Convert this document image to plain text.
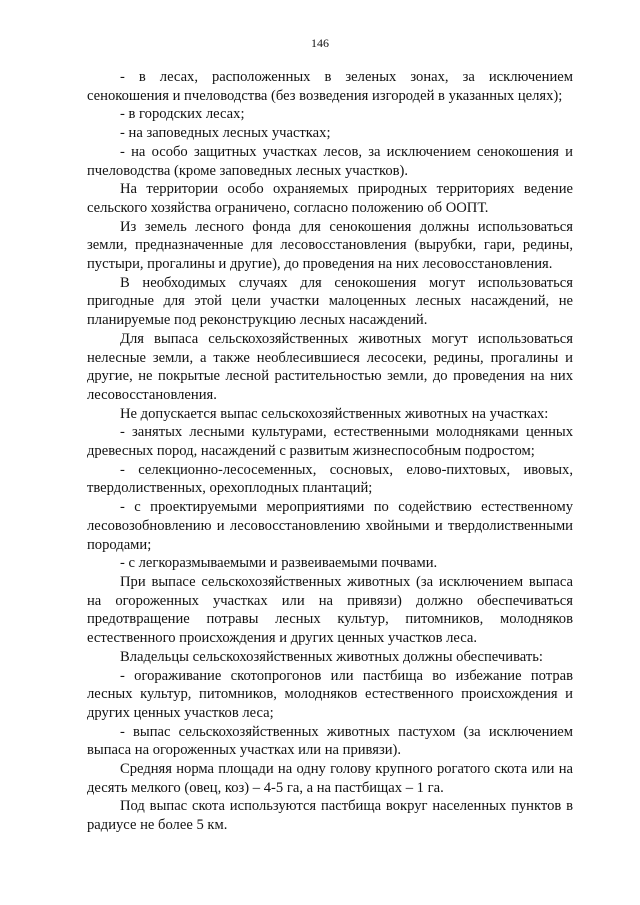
146

- в лесах, расположенных в зеленых зонах, за исключением сенокошения и пчеловодства (без возведения изгородей в указанных целях);

- в городских лесах;

- на заповедных лесных участках;

- на особо защитных участках лесов, за исключением сенокошения и пчеловодства (кроме заповедных лесных участков).

На территории особо охраняемых природных территориях ведение сельского хозяйства ограничено, согласно положению об ООПТ.

Из земель лесного фонда для сенокошения должны использоваться земли, предназначенные для лесовосстановления (вырубки, гари, редины, пустыри, прогалины и другие), до проведения на них лесовосстановления.

В необходимых случаях для сенокошения могут использоваться пригодные для этой цели участки малоценных лесных насаждений, не планируемые под реконструкцию лесных насаждений.

Для выпаса сельскохозяйственных животных могут использоваться нелесные земли, а также необлесившиеся лесосеки, редины, прогалины и другие, не покрытые лесной растительностью земли, до проведения на них лесовосстановления.

Не допускается выпас сельскохозяйственных животных на участках:

- занятых лесными культурами, естественными молодняками ценных древесных пород, насаждений с развитым жизнеспособным подростом;

- селекционно-лесосеменных, сосновых, елово-пихтовых, ивовых, твердолиственных, орехоплодных плантаций;

- с проектируемыми мероприятиями по содействию естественному лесовозобновлению и лесовосстановлению хвойными и твердолиственными породами;

- с легкоразмываемыми и развеиваемыми почвами.

При выпасе сельскохозяйственных животных (за исключением выпаса на огороженных участках или на привязи) должно обеспечиваться предотвращение потравы лесных культур, питомников, молодняков естественного происхождения и других ценных участков леса.

Владельцы сельскохозяйственных животных должны обеспечивать:

- огораживание скотопрогонов или пастбища во избежание потрав лесных культур, питомников, молодняков естественного происхождения и других ценных участков леса;

- выпас сельскохозяйственных животных пастухом (за исключением выпаса на огороженных участках или на привязи).

Средняя норма площади на одну голову крупного рогатого скота или на десять мелкого (овец, коз) – 4-5 га, а на пастбищах – 1 га.

Под выпас скота используются пастбища вокруг населенных пунктов в радиусе не более 5 км.
